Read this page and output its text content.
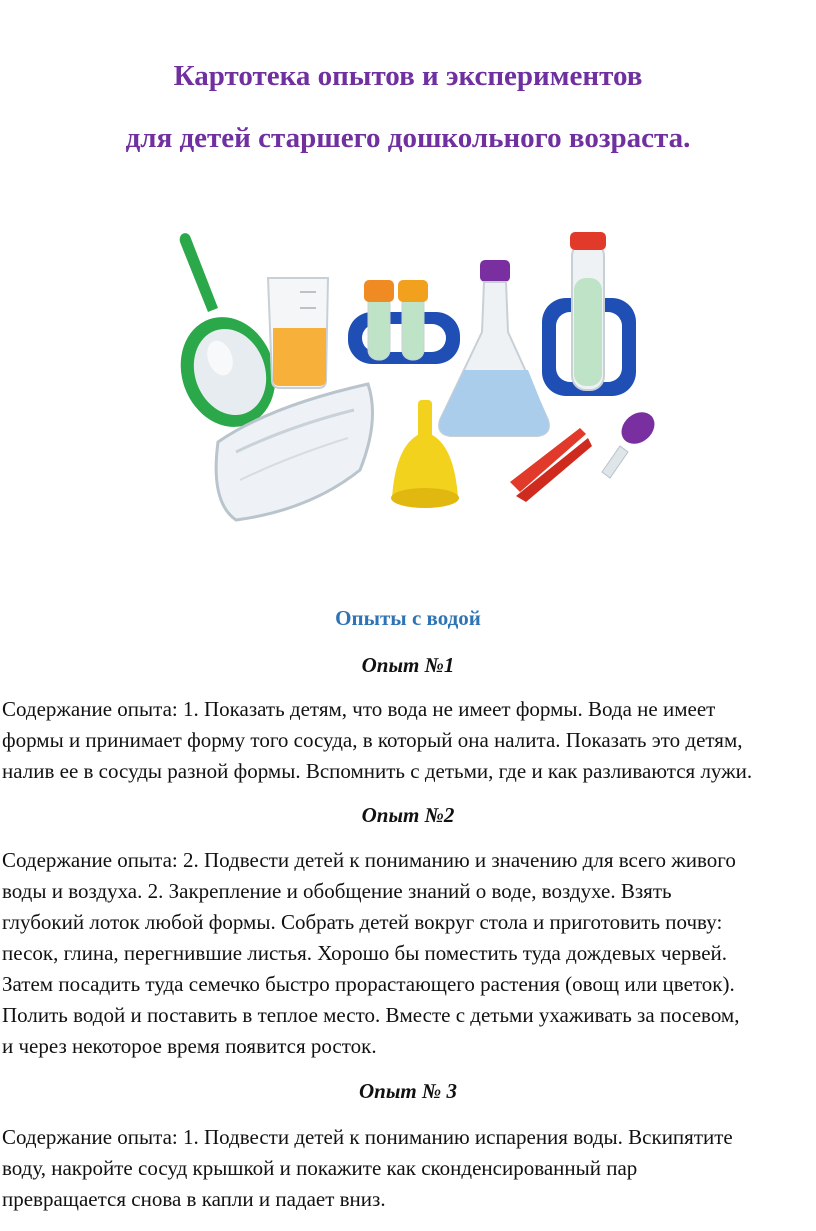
Картотека опытов и экспериментов
для детей старшего дошкольного возраста.
Опыты с водой
Опыт №1
Содержание опыта: 1. Показать детям, что вода не имеет формы. Вода не имеет
формы и принимает форму того сосуда, в который она налита. Показать это детям,
налив ее в сосуды разной формы. Вспомнить с детьми, где и как разливаются лужи.
Опыт №2
Содержание опыта: 2. Подвести детей к пониманию и значению для всего живого
воды и воздуха. 2. Закрепление и обобщение знаний о воде, воздухе. Взять
глубокий лоток любой формы. Собрать детей вокруг стола и приготовить почву:
песок, глина, перегнившие листья. Хорошо бы поместить туда дождевых червей.
Затем посадить туда семечко быстро прорастающего растения (овощ или цветок).
Полить водой и поставить в теплое место. Вместе с детьми ухаживать за посевом,
и через некоторое время появится росток.
Опыт № 3
Содержание опыта: 1. Подвести детей к пониманию испарения воды. Вскипятите
воду, накройте сосуд крышкой и покажите как сконденсированный пар
превращается снова в капли и падает вниз.
